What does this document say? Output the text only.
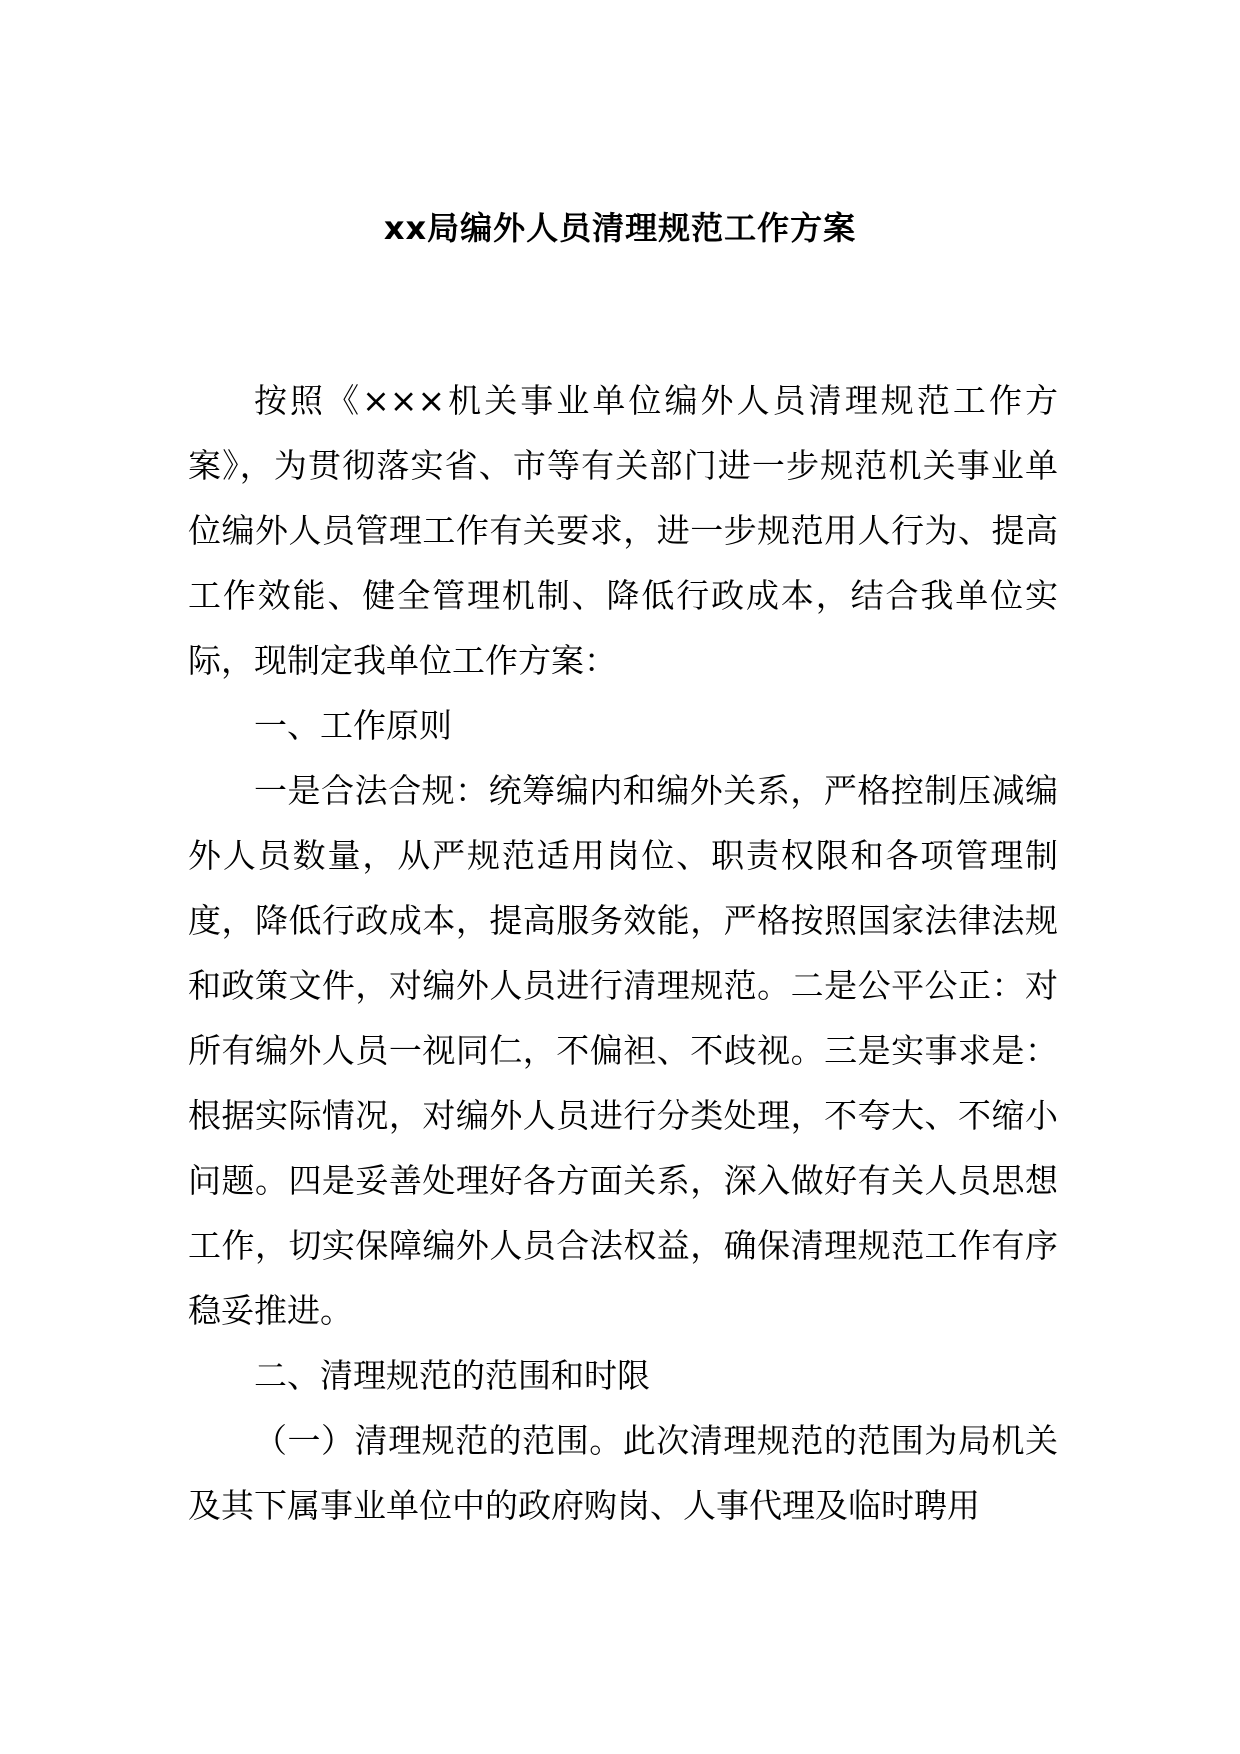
xx局编外人员清理规范工作方案

按照《×××机关事业单位编外人员清理规范工作方案》，为贯彻落实省、市等有关部门进一步规范机关事业单位编外人员管理工作有关要求，进一步规范用人行为、提高工作效能、健全管理机制、降低行政成本，结合我单位实际，现制定我单位工作方案：

一、工作原则

一是合法合规：统筹编内和编外关系，严格控制压减编外人员数量，从严规范适用岗位、职责权限和各项管理制度，降低行政成本，提高服务效能，严格按照国家法律法规和政策文件，对编外人员进行清理规范。二是公平公正：对所有编外人员一视同仁，不偏袒、不歧视。三是实事求是：根据实际情况，对编外人员进行分类处理，不夸大、不缩小问题。四是妥善处理好各方面关系，深入做好有关人员思想工作，切实保障编外人员合法权益，确保清理规范工作有序稳妥推进。

二、清理规范的范围和时限

（一）清理规范的范围。此次清理规范的范围为局机关及其下属事业单位中的政府购岗、人事代理及临时聘用
